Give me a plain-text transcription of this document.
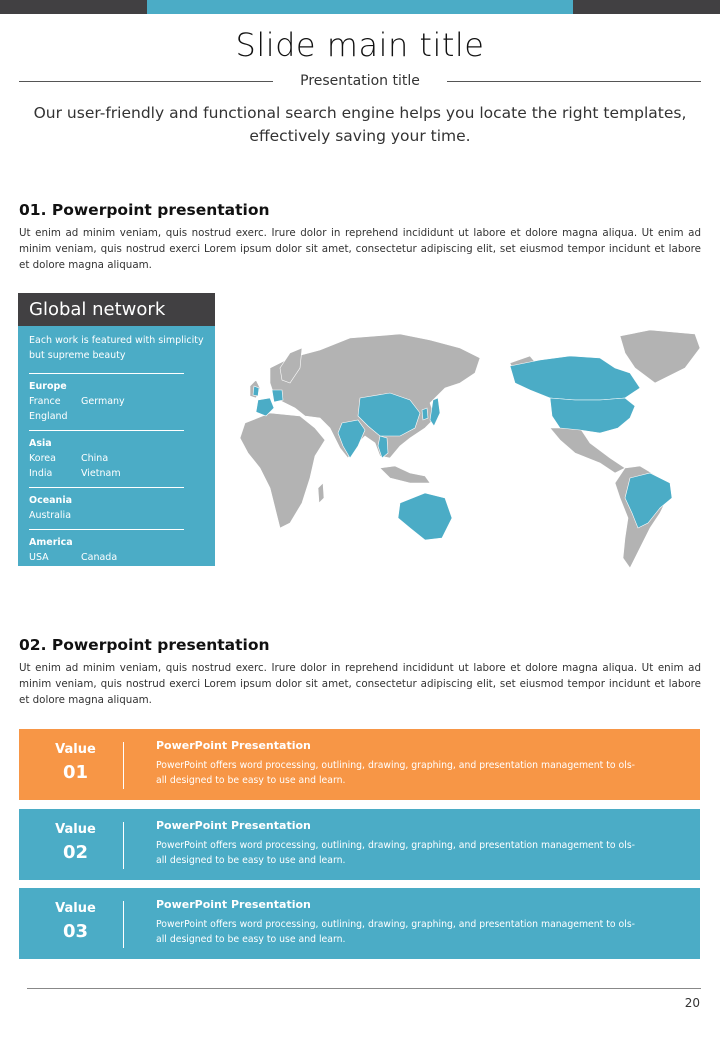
Slide main title
Presentation title
Our user-friendly and functional search engine helps you locate the right templates, effectively saving your time.
01. Powerpoint presentation
Ut enim ad minim veniam, quis nostrud exerc. Irure dolor in reprehend incididunt ut labore et dolore magna aliqua. Ut enim ad minim veniam, quis nostrud exerci Lorem ipsum dolor sit amet, consectetur adipiscing elit, set eiusmod tempor incidunt et labore et dolore magna aliquam.
Global network
Each work is featured with simplicity but supreme beauty
Europe
France	Germany
England
Asia
Korea	China
India	Vietnam
Oceania
Australia
America
USA	Canada
Brazil
02. Powerpoint presentation
Ut enim ad minim veniam, quis nostrud exerc. Irure dolor in reprehend incididunt ut labore et dolore magna aliqua. Ut enim ad minim veniam, quis nostrud exerci Lorem ipsum dolor sit amet, consectetur adipiscing elit, set eiusmod tempor incidunt et labore et dolore magna aliquam.
Value
01
PowerPoint Presentation
PowerPoint offers word processing, outlining, drawing, graphing, and presentation management to ols- all designed to be easy to use and learn.
Value
02
PowerPoint Presentation
PowerPoint offers word processing, outlining, drawing, graphing, and presentation management to ols- all designed to be easy to use and learn.
Value
03
PowerPoint Presentation
PowerPoint offers word processing, outlining, drawing, graphing, and presentation management to ols- all designed to be easy to use and learn.
20
